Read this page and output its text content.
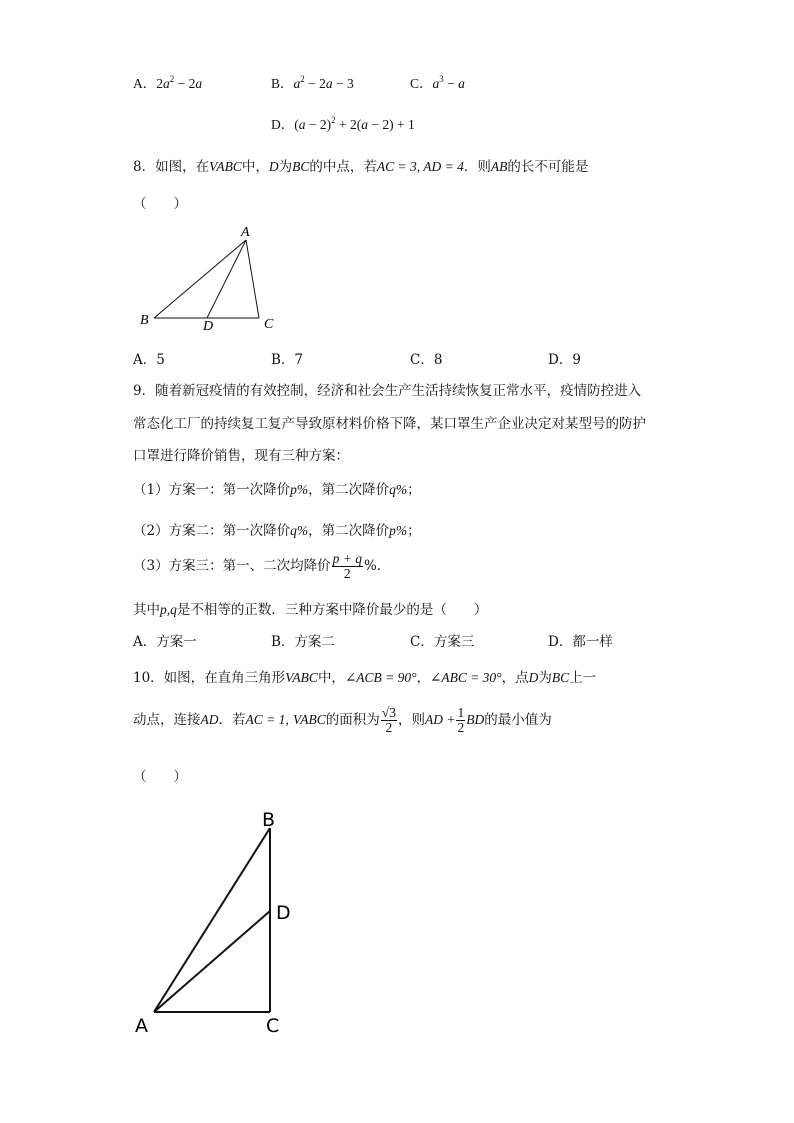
A．$2a^2 - 2a$	B．$a^2 - 2a - 3$	C．$a^3 - a$
D．$(a - 2)^2 + 2(a - 2) + 1$
8．如图，在VABC中，D为BC的中点，若AC = 3, AD = 4．则AB的长不可能是
（　　）
A
B	D	C
A．5	B．7	C．8	D．9
9．随着新冠疫情的有效控制，经济和社会生产生活持续恢复正常水平，疫情防控进入
常态化工厂的持续复工复产导致原材料价格下降，某口罩生产企业决定对某型号的防护
口罩进行降价销售，现有三种方案：
（1）方案一：第一次降价p%，第二次降价q%；
（2）方案二：第一次降价q%，第二次降价p%；
（3）方案三：第一、二次均降价 $\frac{p + q}{2}$ %．
其中p,q是不相等的正数．三种方案中降价最少的是（　　）
A．方案一	B．方案二	C．方案三	D．都一样
10．如图，在直角三角形VABC中，∠ACB = 90°，∠ABC = 30°，点D为BC上一
动点，连接AD．若AC = 1, VABC的面积为 $\frac{√3}{2}$ ，则AD + $\frac{1}{2}$ BD的最小值为
（　　）
B
D
A	C
